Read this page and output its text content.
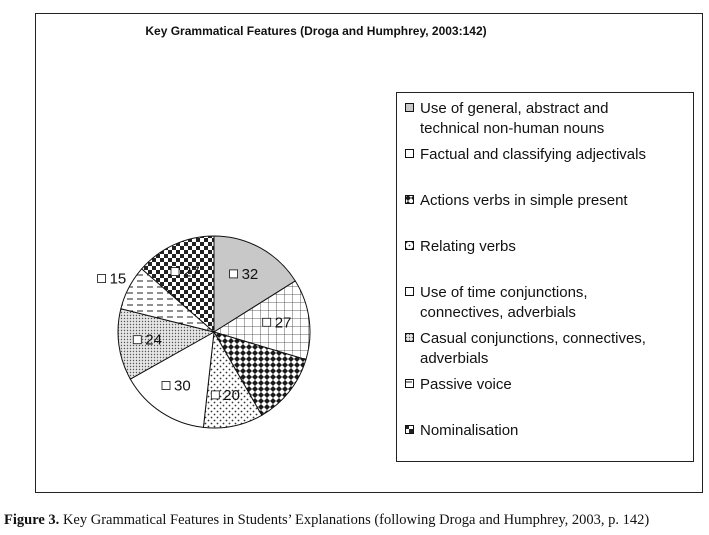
Key Grammatical Features (Droga and Humphrey, 2003:142)
32
27
20
30
24
15	27
Use of general, abstract and
technical non-human nouns
Factual and classifying adjectivals
Actions verbs in simple present
Relating verbs
Use of time conjunctions,
connectives, adverbials
Casual conjunctions, connectives,
adverbials
Passive voice
Nominalisation
Figure 3. Key Grammatical Features in Students’ Explanations (following Droga and Humphrey, 2003, p. 142)
